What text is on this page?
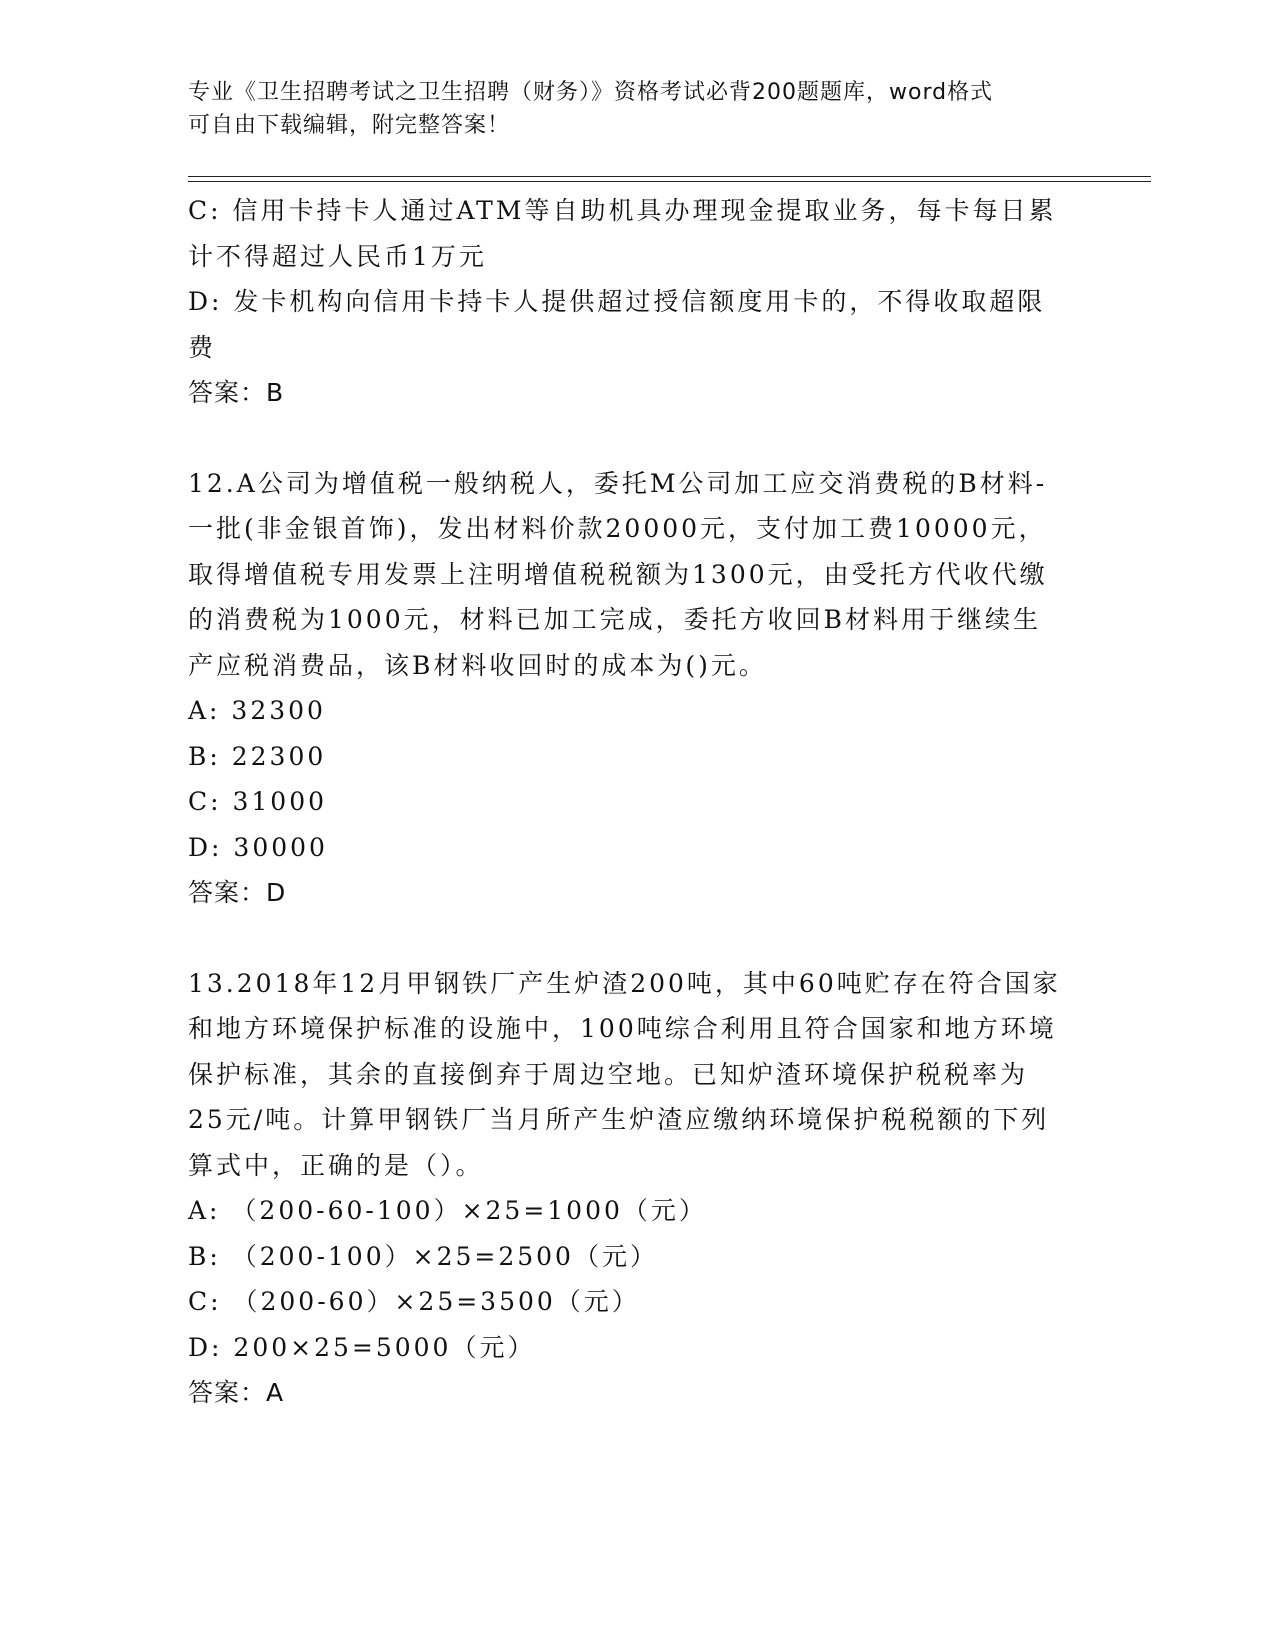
专业《卫生招聘考试之卫生招聘（财务）》资格考试必背200题题库，word格式
可自由下载编辑，附完整答案！

C: 信用卡持卡人通过ATM等自助机具办理现金提取业务，每卡每日累

计不得超过人民币1万元

D: 发卡机构向信用卡持卡人提供超过授信额度用卡的，不得收取超限

费

答案：B

12.A公司为增值税一般纳税人，委托M公司加工应交消费税的B材料-

一批(非金银首饰)，发出材料价款20000元，支付加工费10000元，

取得增值税专用发票上注明增值税税额为1300元，由受托方代收代缴

的消费税为1000元，材料已加工完成，委托方收回B材料用于继续生

产应税消费品，该B材料收回时的成本为()元。

A: 32300

B: 22300

C: 31000

D: 30000

答案：D

13.2018年12月甲钢铁厂产生炉渣200吨，其中60吨贮存在符合国家

和地方环境保护标准的设施中，100吨综合利用且符合国家和地方环境

保护标准，其余的直接倒弃于周边空地。已知炉渣环境保护税税率为

25元/吨。计算甲钢铁厂当月所产生炉渣应缴纳环境保护税税额的下列

算式中，正确的是（）。

A: （200-60-100）×25=1000（元）

B: （200-100）×25=2500（元）

C: （200-60）×25=3500（元）

D: 200×25=5000（元）

答案：A
